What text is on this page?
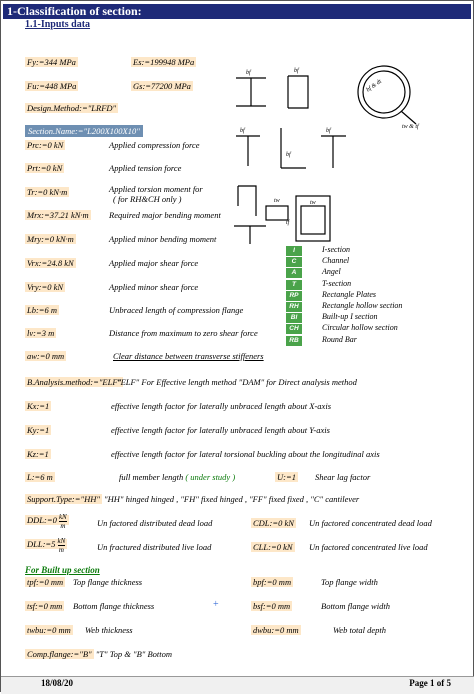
1-Classification of section:
1.1-Inputs data
Fy:=344 MPa	Es:=199948 MPa
Fu:=448 MPa	Gs:=77200 MPa
Design.Method:="LRFD"
Section.Name:="L200X100X10"
Prc:=0 kN	Applied compression force
Prt:=0 kN	Applied tension force
Tr:=0 kN·m	Applied torsion moment for
( for RH&CH only )
Mrx:=37.21 kN·m Required major bending moment
Mry:=0 kN·m	Applied minor bending moment
Vrx:=24.8 kN	Applied major shear force
Vry:=0 kN	Applied minor shear force
Lb:=6 m	Unbraced length of compression flange
lv:=3 m	Distance from maximum to zero shear force
aw:=0 mm	Clear distance between transverse stiffeners
B.Analysis.method:="ELF"
"ELF" For Effective length method "DAM" for Direct analysis method
Kx:=1	effective length factor for laterally unbraced length about X-axis
Ky:=1	effective length factor for laterally unbraced length about Y-axis
Kz:=1	effective length factor for lateral torsional buckling about the longitudinal axis
L:=6 m	full member length ( under study )	U:=1 Shear lag factor
Support.Type:="HH" "HH" hinged hinged , "FH" fixed hinged , "FF" fixed fixed , "C" cantilever
DDL:=0 $\frac{kN}{m}$	Un factored distributed dead load	CDL:=0 kN Un factored concentrated dead load
DLL:=5 $\frac{kN}{m}$	Un fractured distributed live load	CLL:=0 kN Un factored concentrated live load
For Built up section
tpf:=0 mm Top flange thickness	bpf:=0 mm	Top flange width
tsf:=0 mm Bottom flange thickness	+	bsf:=0 mm	Bottom flange width
twbu:=0 mm Web thickness	dwbu:=0 mm	Web total depth
Comp.flange:="B" "T" Top & "B" Bottom
bf	bf
bf & dt
tw & tf
bf
bf
bf
tw	tw
tf
I	I-section
C	Channel
A	Angel
T	T-section
RP	Rectangle Plates
RH	Rectangle hollow section
BI	Built-up I section
CH	Circular hollow section
RB	Round Bar
18/08/20	Page 1 of 5
